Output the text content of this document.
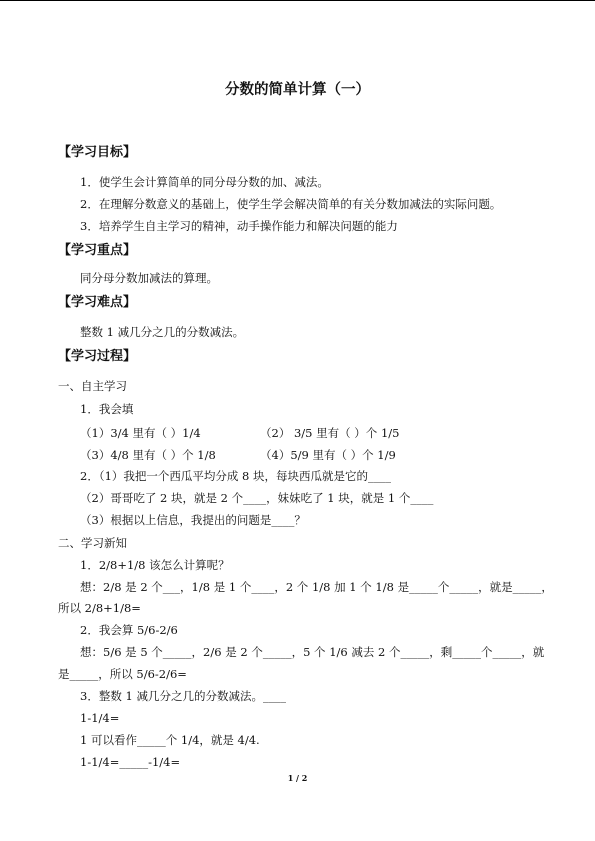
分数的简单计算（一）
【学习目标】
1．使学生会计算简单的同分母分数的加、减法。
2．在理解分数意义的基础上，使学生学会解决简单的有关分数加减法的实际问题。
3．培养学生自主学习的精神，动手操作能力和解决问题的能力
【学习重点】
同分母分数加减法的算理。
【学习难点】
整数 1 减几分之几的分数减法。
【学习过程】
一、自主学习
1．我会填
（1）3/4 里有（ ）1/4	（2） 3/5 里有（ ）个 1/5
（3）4/8 里有（ ）个 1/8	（4）5/9 里有（ ）个 1/9
2．（1）我把一个西瓜平均分成 8 块，每块西瓜就是它的____
（2）哥哥吃了 2 块，就是 2 个____，妹妹吃了 1 块，就是 1 个____
（3）根据以上信息，我提出的问题是____？
二、学习新知
1．2/8+1/8 该怎么计算呢？
想：2/8 是 2 个___，1/8 是 1 个____，2 个 1/8 加 1 个 1/8 是_____个_____，就是_____，
所以 2/8+1/8=
2．我会算 5/6-2/6
想：5/6 是 5 个_____，2/6 是 2 个_____，5 个 1/6 减去 2 个_____，剩_____个_____，就
是_____，所以 5/6-2/6=
3．整数 1 减几分之几的分数减法。____
1-1/4=
1 可以看作_____个 1/4，就是 4/4.
1-1/4=_____-1/4=
1 / 2
